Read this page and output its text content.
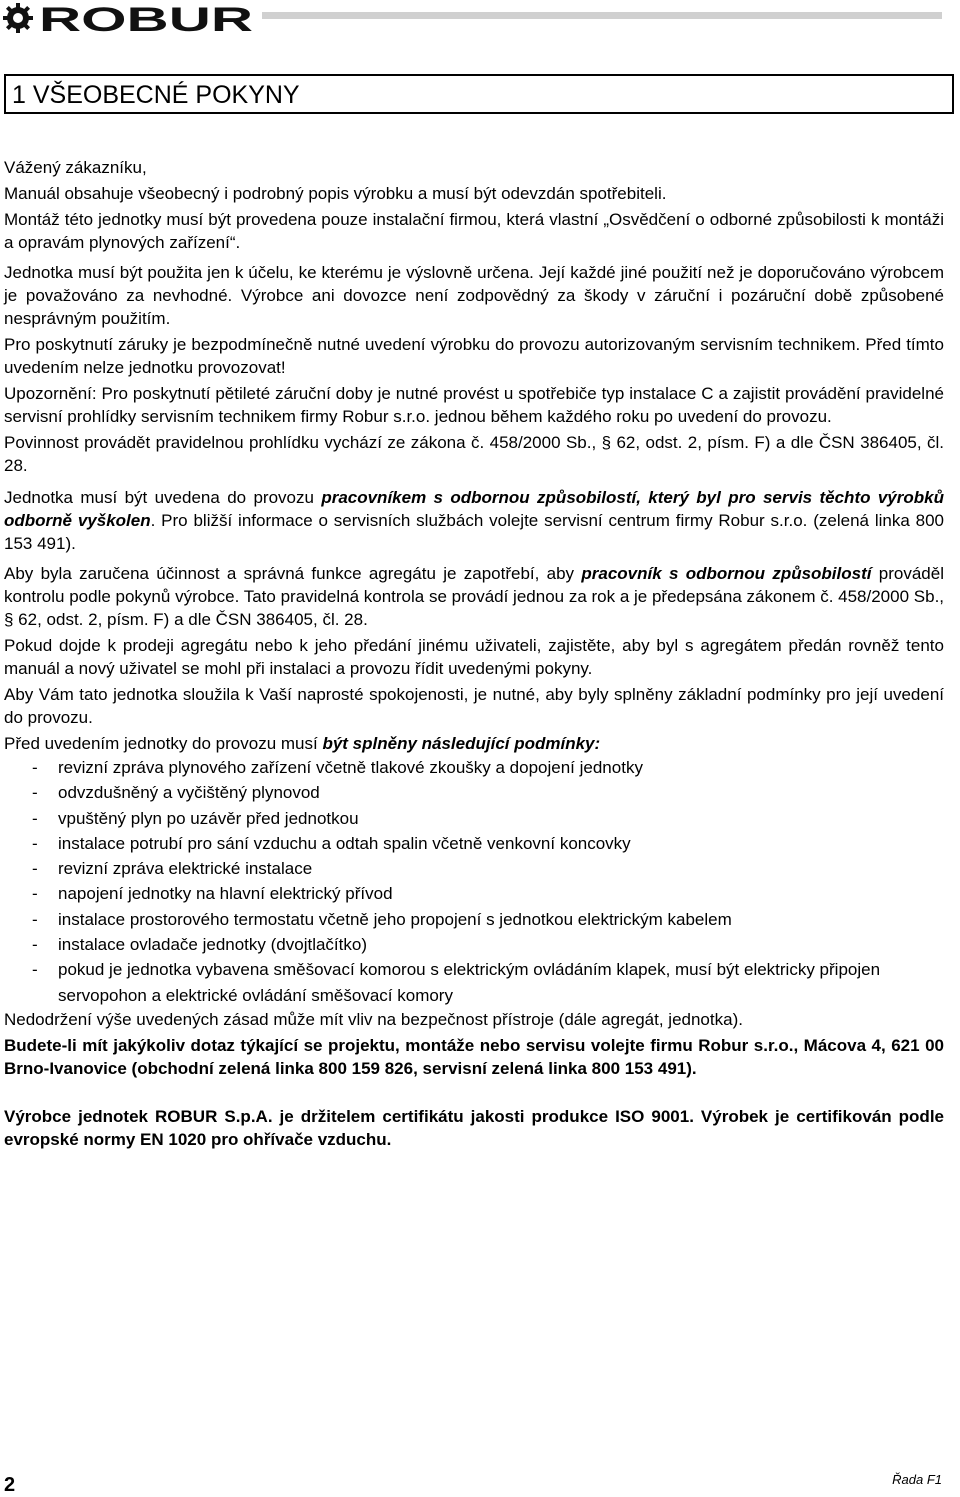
ROBUR
1 VŠEOBECNÉ POKYNY

Vážený zákazníku,

Manuál obsahuje všeobecný i podrobný popis výrobku a musí být odevzdán spotřebiteli.

Montáž této jednotky musí být provedena pouze instalační firmou, která vlastní „Osvědčení o odborné způsobilosti k montáži a opravám plynových zařízení“.

Jednotka musí být použita jen k účelu, ke kterému je výslovně určena. Její každé jiné použití než je doporučováno výrobcem je považováno za nevhodné. Výrobce ani dovozce není zodpovědný za škody v záruční i pozáruční době způsobené nesprávným použitím.

Pro poskytnutí záruky je bezpodmínečně nutné uvedení výrobku do provozu autorizovaným servisním technikem. Před tímto uvedením nelze jednotku provozovat!

Upozornění: Pro poskytnutí pětileté záruční doby je nutné provést u spotřebiče typ instalace C a zajistit provádění pravidelné servisní prohlídky servisním technikem firmy Robur s.r.o. jednou během každého roku po uvedení do provozu.

Povinnost provádět pravidelnou prohlídku vychází ze zákona č. 458/2000 Sb., § 62, odst. 2, písm. F) a dle ČSN 386405, čl. 28.

Jednotka musí být uvedena do provozu pracovníkem s odbornou způsobilostí, který byl pro servis těchto výrobků odborně vyškolen. Pro bližší informace o servisních službách volejte servisní centrum firmy Robur s.r.o. (zelená linka 800 153 491).

Aby byla zaručena účinnost a správná funkce agregátu je zapotřebí, aby pracovník s odbornou způsobilostí prováděl kontrolu podle pokynů výrobce. Tato pravidelná kontrola se provádí jednou za rok a je předepsána zákonem č. 458/2000 Sb., § 62, odst. 2, písm. F) a dle ČSN 386405, čl. 28.

Pokud dojde k prodeji agregátu nebo k jeho předání jinému uživateli, zajistěte, aby byl s agregátem předán rovněž tento manuál a nový uživatel se mohl při instalaci a provozu řídit uvedenými pokyny.

Aby Vám tato jednotka sloužila k Vaší naprosté spokojenosti, je nutné, aby byly splněny základní podmínky pro její uvedení do provozu.

Před uvedením jednotky do provozu musí být splněny následující podmínky:

- revizní zpráva plynového zařízení včetně tlakové zkoušky a dopojení jednotky
- odvzdušněný a vyčištěný plynovod
- vpuštěný plyn po uzávěr před jednotkou
- instalace potrubí pro sání vzduchu a odtah spalin včetně venkovní koncovky
- revizní zpráva elektrické instalace
- napojení jednotky na hlavní elektrický přívod
- instalace prostorového termostatu včetně jeho propojení s jednotkou elektrickým kabelem
- instalace ovladače jednotky (dvojtlačítko)
- pokud je jednotka vybavena směšovací komorou s elektrickým ovládáním klapek, musí být elektricky připojen servopohon a elektrické ovládání směšovací komory

Nedodržení výše uvedených zásad může mít vliv na bezpečnost přístroje (dále agregát, jednotka).

Budete-li mít jakýkoliv dotaz týkající se projektu, montáže nebo servisu volejte firmu Robur s.r.o., Mácova 4, 621 00 Brno-Ivanovice (obchodní zelená linka 800 159 826, servisní zelená linka 800 153 491).

Výrobce jednotek ROBUR S.p.A. je držitelem certifikátu jakosti produkce ISO 9001. Výrobek je certifikován podle evropské normy EN 1020 pro ohřívače vzduchu.

2	Řada F1
